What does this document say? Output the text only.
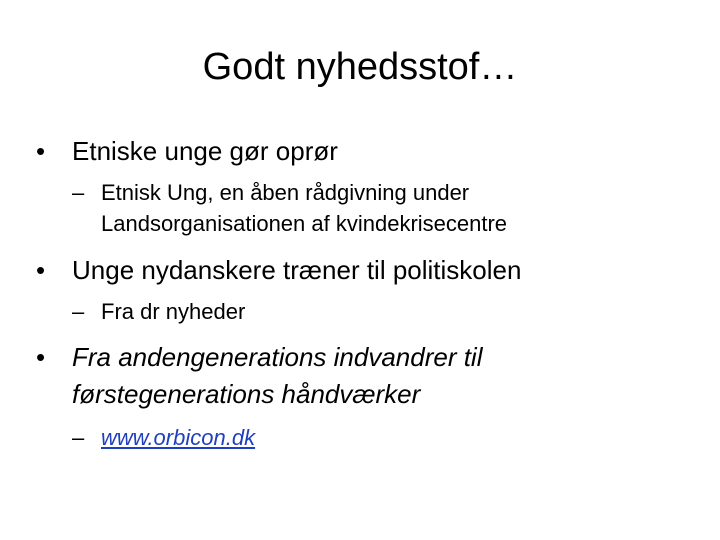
Godt nyhedsstof…
•	Etniske unge gør oprør
– Etnisk Ung, en åben rådgivning under
Landsorganisationen af kvindekrisecentre
•	Unge nydanskere træner til politiskolen
– Fra dr nyheder
•	Fra andengenerations indvandrer til
førstegenerations håndværker
– www.orbicon.dk
